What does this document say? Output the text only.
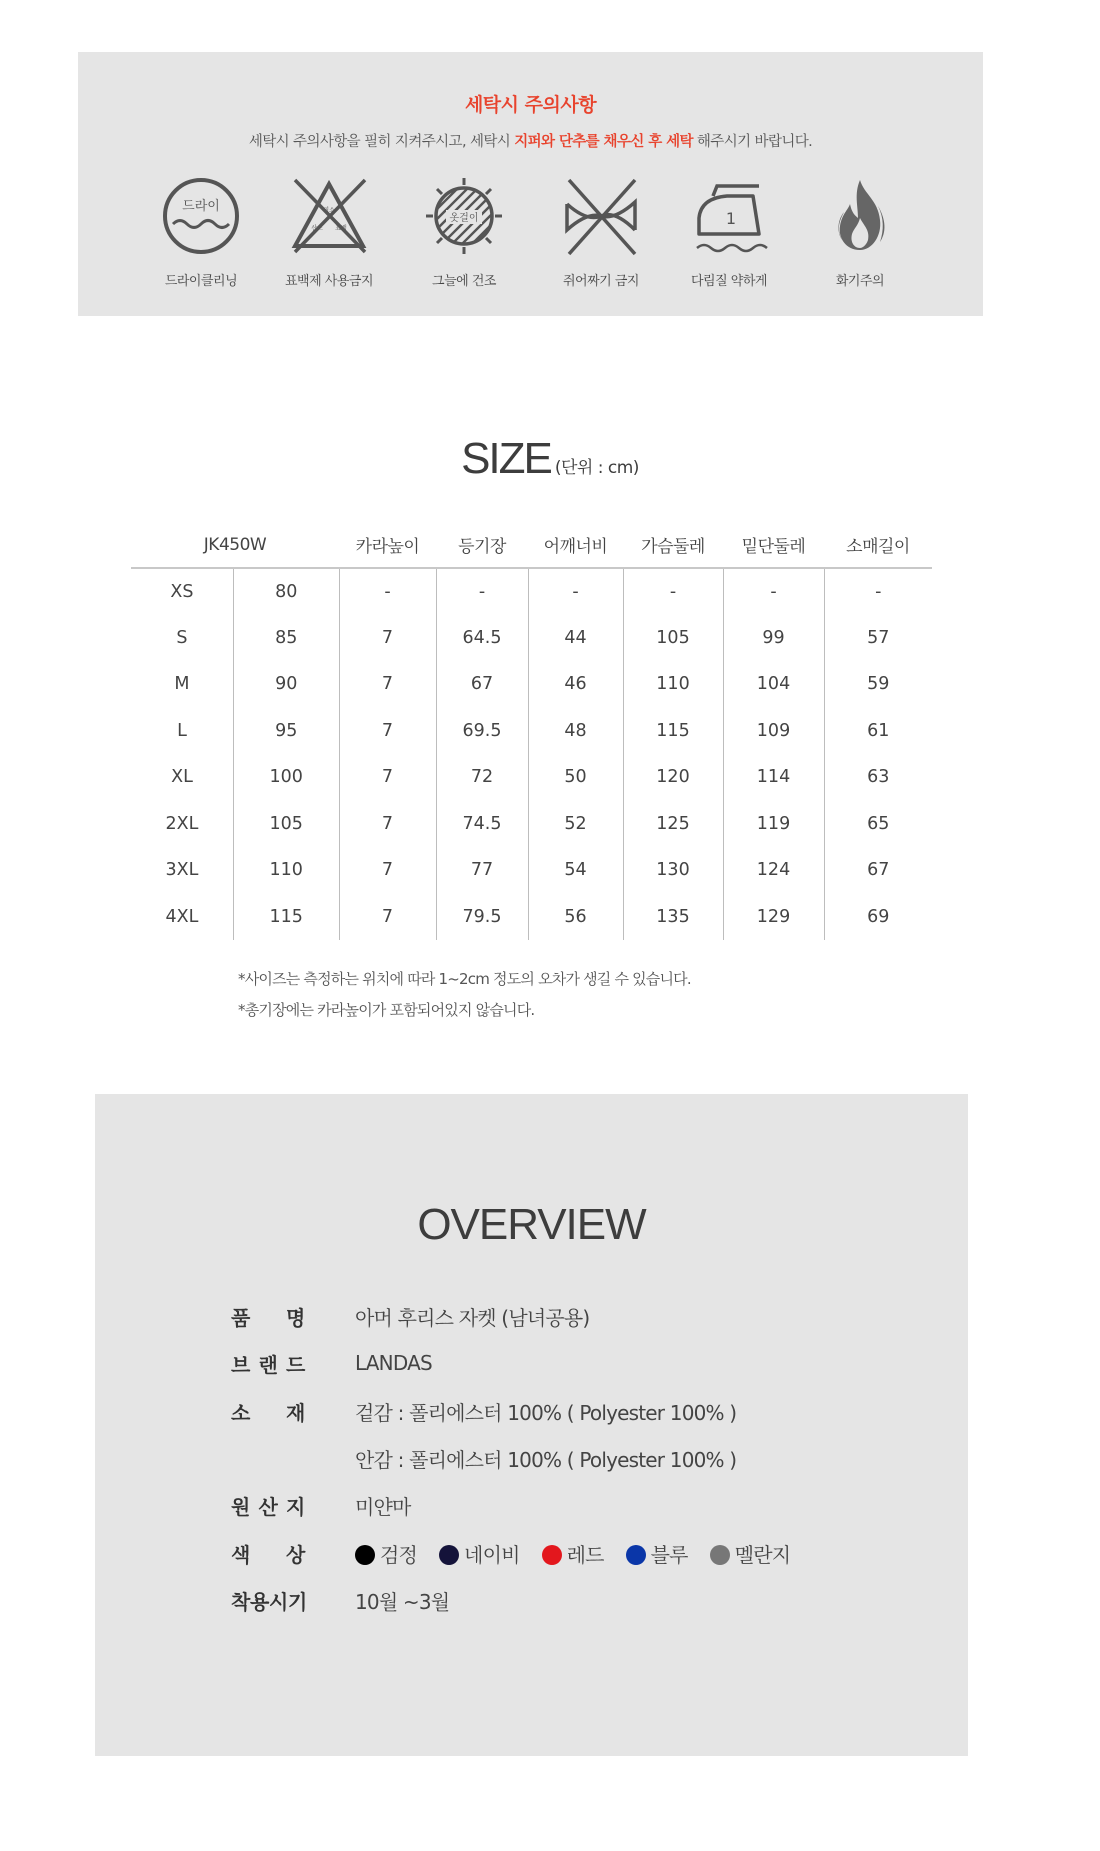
세탁시 주의사항
세탁시 주의사항을 필히 지켜주시고, 세탁시 지퍼와 단추를 채우신 후 세탁 해주시기 바랍니다.
드라이
드라이클리닝
염소
산소 표백
표백제 사용금지
옷걸이
그늘에 건조	쥐어짜기 금지
1
다림질 약하게	화기주의
SIZE (단위 : cm)
JK450W		카라높이	등기장	어깨너비	가슴둘레	밑단둘레	소매길이
XS	80	-	-	-	-	-	-
S	85	7	64.5	44	105	99	57
M	90	7	67	46	110	104	59
L	95	7	69.5	48	115	109	61
XL	100	7	72	50	120	114	63
2XL	105	7	74.5	52	125	119	65
3XL	110	7	77	54	130	124	67
4XL	115	7	79.5	56	135	129	69
*사이즈는 측정하는 위치에 따라 1~2cm 정도의 오차가 생길 수 있습니다.
*총기장에는 카라높이가 포함되어있지 않습니다.
OVERVIEW
품 명	아머 후리스 자켓 (남녀공용)
브 랜 드	LANDAS
소 재	겉감 : 폴리에스터 100% ( Polyester 100% )
안감 : 폴리에스터 100% ( Polyester 100% )
원 산 지	미얀마
색 상	검정 네이비 레드 블루 멜란지
착용시기	10월 ~3월
